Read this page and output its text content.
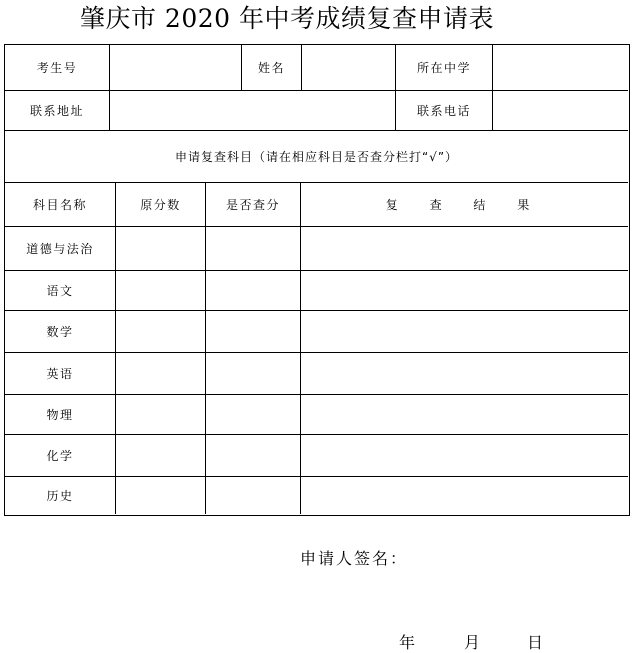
肇庆市 2020 年中考成绩复查申请表
考生号	姓名	所在中学
联系地址	联系电话
申请复查科目（请在相应科目是否查分栏打“√”）
科目名称	原分数	是否查分	复 查 结 果
道德与法治
语文
数学
英语
物理
化学
历史
申请人签名：
年	月	日
